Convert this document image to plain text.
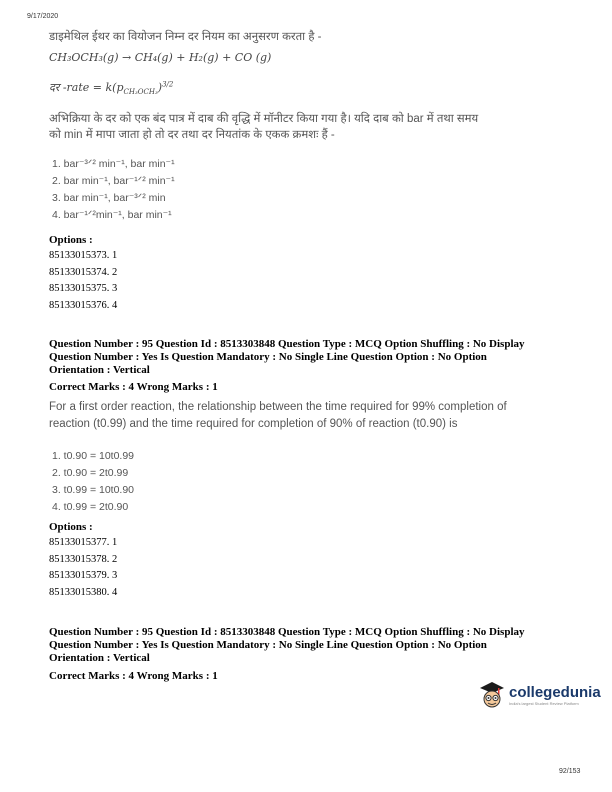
9/17/2020
डाइमेथिल ईथर का वियोजन निम्न दर नियम का अनुसरण करता है -
CH₃OCH₃(g) → CH₄(g) + H₂(g) + CO (g)
दर -rate = $k(p_{CH_3OCH_3})^{3/2}$
अभिक्रिया के दर को एक बंद पात्र में दाब की वृद्धि में मॉनीटर किया गया है। यदि दाब को bar में तथा समय
को min में मापा जाता हो तो दर तथा दर नियतांक के एकक क्रमशः हैं -
1. bar⁻³ᐟ² min⁻¹, bar min⁻¹
2. bar min⁻¹, bar⁻¹ᐟ² min⁻¹
3. bar min⁻¹, bar⁻³ᐟ² min
4. bar⁻¹ᐟ²min⁻¹, bar min⁻¹
Options :
85133015373. 1
85133015374. 2
85133015375. 3
85133015376. 4
Question Number : 95 Question Id : 8513303848 Question Type : MCQ Option Shuffling : No Display
Question Number : Yes Is Question Mandatory : No Single Line Question Option : No Option
Orientation : Vertical
Correct Marks : 4 Wrong Marks : 1
For a first order reaction, the relationship between the time required for 99% completion of
reaction (t0.99) and the time required for completion of 90% of reaction (t0.90) is
1. t0.90 = 10t0.99
2. t0.90 = 2t0.99
3. t0.99 = 10t0.90
4. t0.99 = 2t0.90
Options :
85133015377. 1
85133015378. 2
85133015379. 3
85133015380. 4
Question Number : 95 Question Id : 8513303848 Question Type : MCQ Option Shuffling : No Display
Question Number : Yes Is Question Mandatory : No Single Line Question Option : No Option
Orientation : Vertical
Correct Marks : 4 Wrong Marks : 1
collegedunia
India's largest Student Review Platform
92/153
